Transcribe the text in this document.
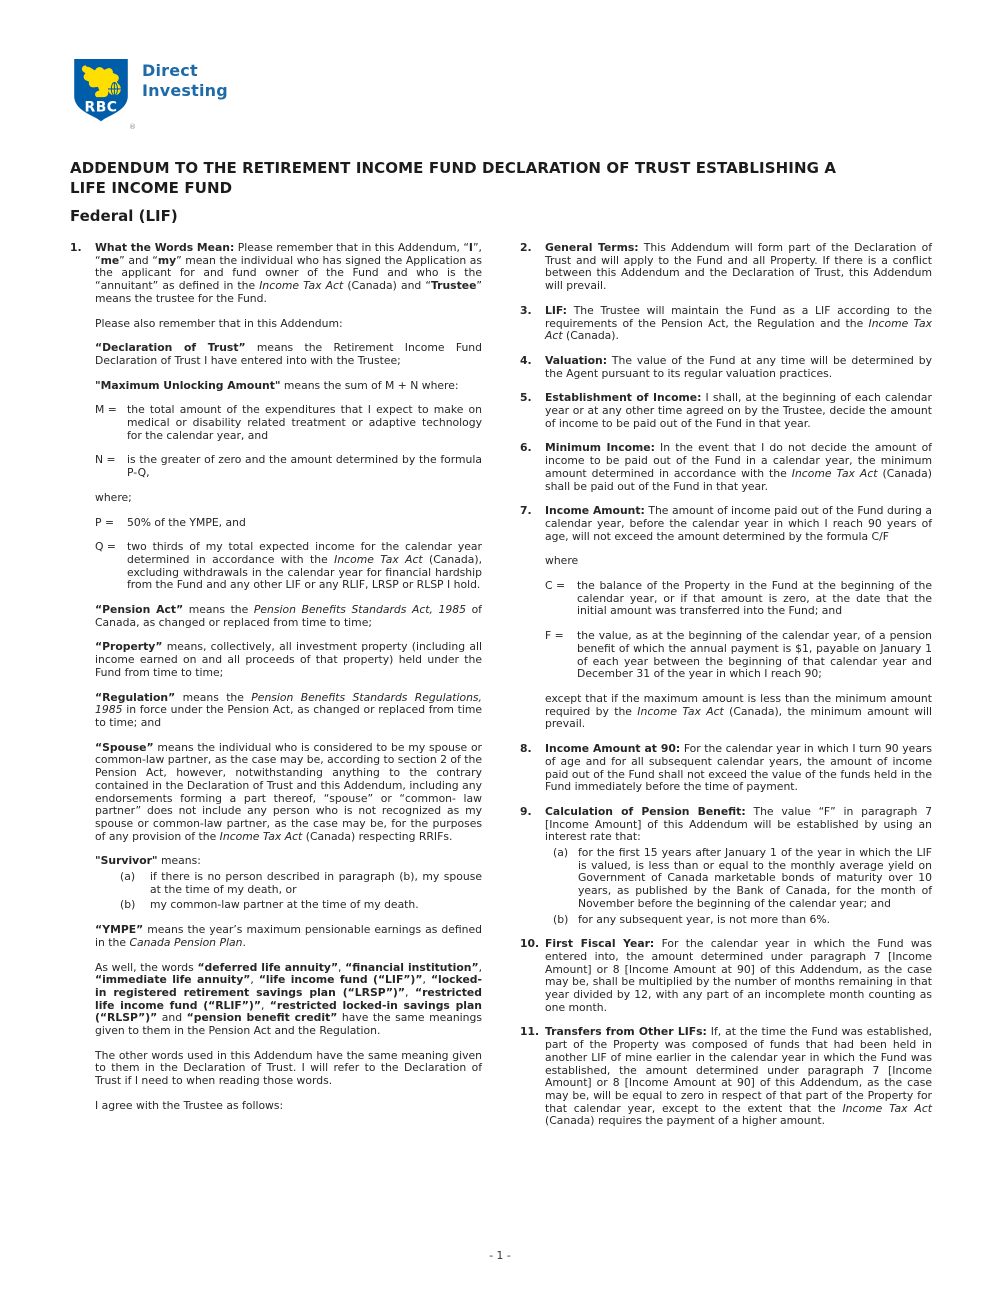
RBC
®
Direct
Investing
ADDENDUM TO THE RETIREMENT INCOME FUND DECLARATION OF TRUST ESTABLISHING A
LIFE INCOME FUND
Federal (LIF)
1.	What the Words Mean: Please remember that in this Addendum, “I”, “me” and “my” mean the individual who has signed the Application as the applicant for and fund owner of the Fund and who is the “annuitant” as defined in the Income Tax Act (Canada) and “Trustee” means the trustee for the Fund.
Please also remember that in this Addendum:
“Declaration of Trust” means the Retirement Income Fund Declaration of Trust I have entered into with the Trustee;
"Maximum Unlocking Amount" means the sum of M + N where:
M = the total amount of the expenditures that I expect to make on medical or disability related treatment or adaptive technology for the calendar year, and
N =	is the greater of zero and the amount determined by the formula P-Q,
where;
P =	50% of the YMPE, and
Q =	two thirds of my total expected income for the calendar year determined in accordance with the Income Tax Act (Canada), excluding withdrawals in the calendar year for financial hardship from the Fund and any other LIF or any RLIF, LRSP or RLSP I hold.
“Pension Act” means the Pension Benefits Standards Act, 1985 of Canada, as changed or replaced from time to time;
“Property” means, collectively, all investment property (including all income earned on and all proceeds of that property) held under the Fund from time to time;
“Regulation” means the Pension Benefits Standards Regulations, 1985 in force under the Pension Act, as changed or replaced from time to time; and
“Spouse” means the individual who is considered to be my spouse or common-law partner, as the case may be, according to section 2 of the Pension Act, however, notwithstanding anything to the contrary contained in the Declaration of Trust and this Addendum, including any endorsements forming a part thereof, “spouse” or “common- law partner” does not include any person who is not recognized as my spouse or common-law partner, as the case may be, for the purposes of any provision of the Income Tax Act (Canada) respecting RRIFs.
"Survivor" means:
(a)	if there is no person described in paragraph (b), my spouse at the time of my death, or
(b)	my common-law partner at the time of my death.
“YMPE” means the year’s maximum pensionable earnings as defined in the Canada Pension Plan.
As well, the words “deferred life annuity”, “financial institution”, “immediate life annuity”, “life income fund (“LIF”)”, “locked-in registered retirement savings plan (“LRSP”)”, “restricted life income fund (“RLIF”)”, “restricted locked-in savings plan (“RLSP”)” and “pension benefit credit” have the same meanings given to them in the Pension Act and the Regulation.
The other words used in this Addendum have the same meaning given to them in the Declaration of Trust. I will refer to the Declaration of Trust if I need to when reading those words.
I agree with the Trustee as follows:
2.	General Terms: This Addendum will form part of the Declaration of Trust and will apply to the Fund and all Property. If there is a conflict between this Addendum and the Declaration of Trust, this Addendum will prevail.
3.	LIF: The Trustee will maintain the Fund as a LIF according to the requirements of the Pension Act, the Regulation and the Income Tax Act (Canada).
4.	Valuation: The value of the Fund at any time will be determined by the Agent pursuant to its regular valuation practices.
5.	Establishment of Income: I shall, at the beginning of each calendar year or at any other time agreed on by the Trustee, decide the amount of income to be paid out of the Fund in that year.
6.	Minimum Income: In the event that I do not decide the amount of income to be paid out of the Fund in a calendar year, the minimum amount determined in accordance with the Income Tax Act (Canada) shall be paid out of the Fund in that year.
7.	Income Amount: The amount of income paid out of the Fund during a calendar year, before the calendar year in which I reach 90 years of age, will not exceed the amount determined by the formula C/F
where
C =	the balance of the Property in the Fund at the beginning of the calendar year, or if that amount is zero, at the date that the initial amount was transferred into the Fund; and
F =	the value, as at the beginning of the calendar year, of a pension benefit of which the annual payment is $1, payable on January 1 of each year between the beginning of that calendar year and December 31 of the year in which I reach 90;
except that if the maximum amount is less than the minimum amount required by the Income Tax Act (Canada), the minimum amount will prevail.
8.	Income Amount at 90: For the calendar year in which I turn 90 years of age and for all subsequent calendar years, the amount of income paid out of the Fund shall not exceed the value of the funds held in the Fund immediately before the time of payment.
9.	Calculation of Pension Benefit: The value “F” in paragraph 7 [Income Amount] of this Addendum will be established by using an interest rate that:
(a) for the first 15 years after January 1 of the year in which the LIF is valued, is less than or equal to the monthly average yield on Government of Canada marketable bonds of maturity over 10 years, as published by the Bank of Canada, for the month of November before the beginning of the calendar year; and
(b) for any subsequent year, is not more than 6%.
10. First Fiscal Year: For the calendar year in which the Fund was entered into, the amount determined under paragraph 7 [Income Amount] or 8 [Income Amount at 90] of this Addendum, as the case may be, shall be multiplied by the number of months remaining in that year divided by 12, with any part of an incomplete month counting as one month.
11. Transfers from Other LIFs: If, at the time the Fund was established, part of the Property was composed of funds that had been held in another LIF of mine earlier in the calendar year in which the Fund was established, the amount determined under paragraph 7 [Income Amount] or 8 [Income Amount at 90] of this Addendum, as the case may be, will be equal to zero in respect of that part of the Property for that calendar year, except to the extent that the Income Tax Act (Canada) requires the payment of a higher amount.
- 1 -
